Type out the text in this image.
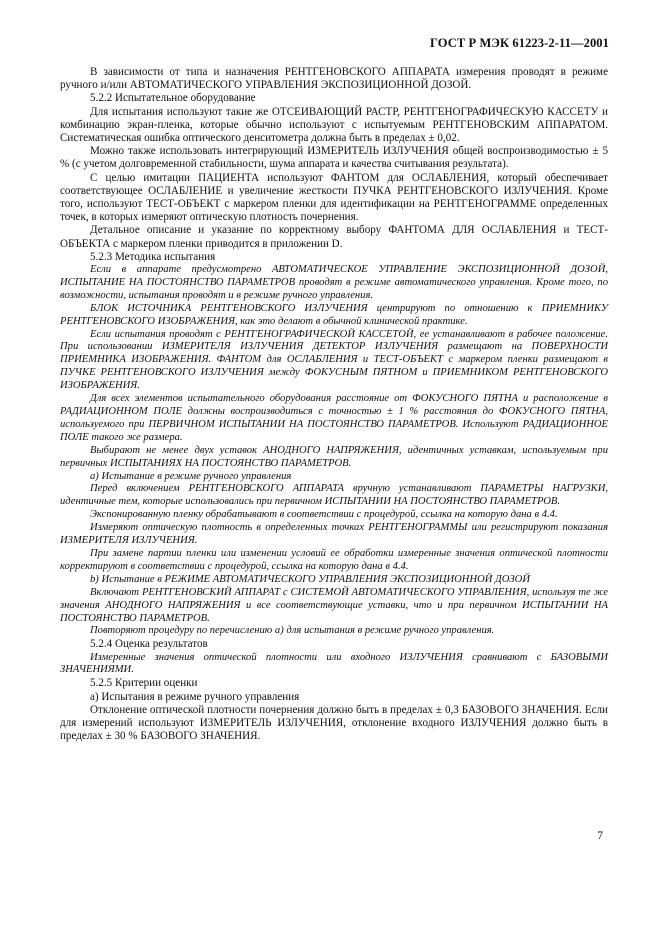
ГОСТ Р МЭК 61223-2-11—2001

В зависимости от типа и назначения РЕНТГЕНОВСКОГО АППАРАТА измерения проводят в режиме ручного и/или АВТОМАТИЧЕСКОГО УПРАВЛЕНИЯ ЭКСПОЗИЦИОННОЙ ДОЗОЙ.

5.2.2 Испытательное оборудование

Для испытания используют такие же ОТСЕИВАЮЩИЙ РАСТР, РЕНТГЕНОГРАФИЧЕСКУЮ КАССЕТУ и комбинацию экран-пленка, которые обычно используют с испытуемым РЕНТГЕНОВСКИМ АППАРАТОМ. Систематическая ошибка оптического денситометра должна быть в пределах ± 0,02.

Можно также использовать интегрирующий ИЗМЕРИТЕЛЬ ИЗЛУЧЕНИЯ общей воспроизводимостью ± 5 % (с учетом долговременной стабильности, шума аппарата и качества считывания результата).

С целью имитации ПАЦИЕНТА используют ФАНТОМ для ОСЛАБЛЕНИЯ, который обеспечивает соответствующее ОСЛАБЛЕНИЕ и увеличение жесткости ПУЧКА РЕНТГЕНОВСКОГО ИЗЛУЧЕНИЯ. Кроме того, используют ТЕСТ-ОБЪЕКТ с маркером пленки для идентификации на РЕНТГЕНОГРАММЕ определенных точек, в которых измеряют оптическую плотность почернения.

Детальное описание и указание по корректному выбору ФАНТОМА ДЛЯ ОСЛАБЛЕНИЯ и ТЕСТ-ОБЪЕКТА с маркером пленки приводится в приложении D.

5.2.3 Методика испытания

Если в аппарате предусмотрено АВТОМАТИЧЕСКОЕ УПРАВЛЕНИЕ ЭКСПОЗИЦИОННОЙ ДОЗОЙ, ИСПЫТАНИЕ НА ПОСТОЯНСТВО ПАРАМЕТРОВ проводят в режиме автоматического управления. Кроме того, по возможности, испытания проводят и в режиме ручного управления.

БЛОК ИСТОЧНИКА РЕНТГЕНОВСКОГО ИЗЛУЧЕНИЯ центрируют по отношению к ПРИЕМНИКУ РЕНТГЕНОВСКОГО ИЗОБРАЖЕНИЯ, как это делают в обычной клинической практике.

Если испытания проводят с РЕНТГЕНОГРАФИЧЕСКОЙ КАССЕТОЙ, ее устанавливают в рабочее положение. При использовании ИЗМЕРИТЕЛЯ ИЗЛУЧЕНИЯ ДЕТЕКТОР ИЗЛУЧЕНИЯ размещают на ПОВЕРХНОСТИ ПРИЕМНИКА ИЗОБРАЖЕНИЯ. ФАНТОМ для ОСЛАБЛЕНИЯ и ТЕСТ-ОБЪЕКТ с маркером пленки размещают в ПУЧКЕ РЕНТГЕНОВСКОГО ИЗЛУЧЕНИЯ между ФОКУСНЫМ ПЯТНОМ и ПРИЕМНИКОМ РЕНТГЕНОВСКОГО ИЗОБРАЖЕНИЯ.

Для всех элементов испытательного оборудования расстояние от ФОКУСНОГО ПЯТНА и расположение в РАДИАЦИОННОМ ПОЛЕ должны воспроизводиться с точностью ± 1 % расстояния до ФОКУСНОГО ПЯТНА, используемого при ПЕРВИЧНОМ ИСПЫТАНИИ НА ПОСТОЯНСТВО ПАРАМЕТРОВ. Используют РАДИАЦИОННОЕ ПОЛЕ такого же размера.

Выбирают не менее двух уставок АНОДНОГО НАПРЯЖЕНИЯ, идентичных уставкам, используемым при первичных ИСПЫТАНИЯХ НА ПОСТОЯНСТВО ПАРАМЕТРОВ.

а) Испытание в режиме ручного управления

Перед включением РЕНТГЕНОВСКОГО АППАРАТА вручную устанавливают ПАРАМЕТРЫ НАГРУЗКИ, идентичные тем, которые использовались при первичном ИСПЫТАНИИ НА ПОСТОЯНСТВО ПАРАМЕТРОВ.

Экспонированную пленку обрабатывают в соответствии с процедурой, ссылка на которую дана в 4.4.

Измеряют оптическую плотность в определенных точках РЕНТГЕНОГРАММЫ или регистрируют показания ИЗМЕРИТЕЛЯ ИЗЛУЧЕНИЯ.

При замене партии пленки или изменении условий ее обработки измеренные значения оптической плотности корректируют в соответствии с процедурой, ссылка на которую дана в 4.4.

b) Испытание в РЕЖИМЕ АВТОМАТИЧЕСКОГО УПРАВЛЕНИЯ ЭКСПОЗИЦИОННОЙ ДОЗОЙ

Включают РЕНТГЕНОВСКИЙ АППАРАТ с СИСТЕМОЙ АВТОМАТИЧЕСКОГО УПРАВЛЕНИЯ, используя те же значения АНОДНОГО НАПРЯЖЕНИЯ и все соответствующие уставки, что и при первичном ИСПЫТАНИИ НА ПОСТОЯНСТВО ПАРАМЕТРОВ.

Повторяют процедуру по перечислению а) для испытания в режиме ручного управления.

5.2.4 Оценка результатов

Измеренные значения оптической плотности или входного ИЗЛУЧЕНИЯ сравнивают с БАЗОВЫМИ ЗНАЧЕНИЯМИ.

5.2.5 Критерии оценки

а) Испытания в режиме ручного управления

Отклонение оптической плотности почернения должно быть в пределах ± 0,3 БАЗОВОГО ЗНАЧЕНИЯ. Если для измерений используют ИЗМЕРИТЕЛЬ ИЗЛУЧЕНИЯ, отклонение входного ИЗЛУЧЕНИЯ должно быть в пределах ± 30 % БАЗОВОГО ЗНАЧЕНИЯ.

7
